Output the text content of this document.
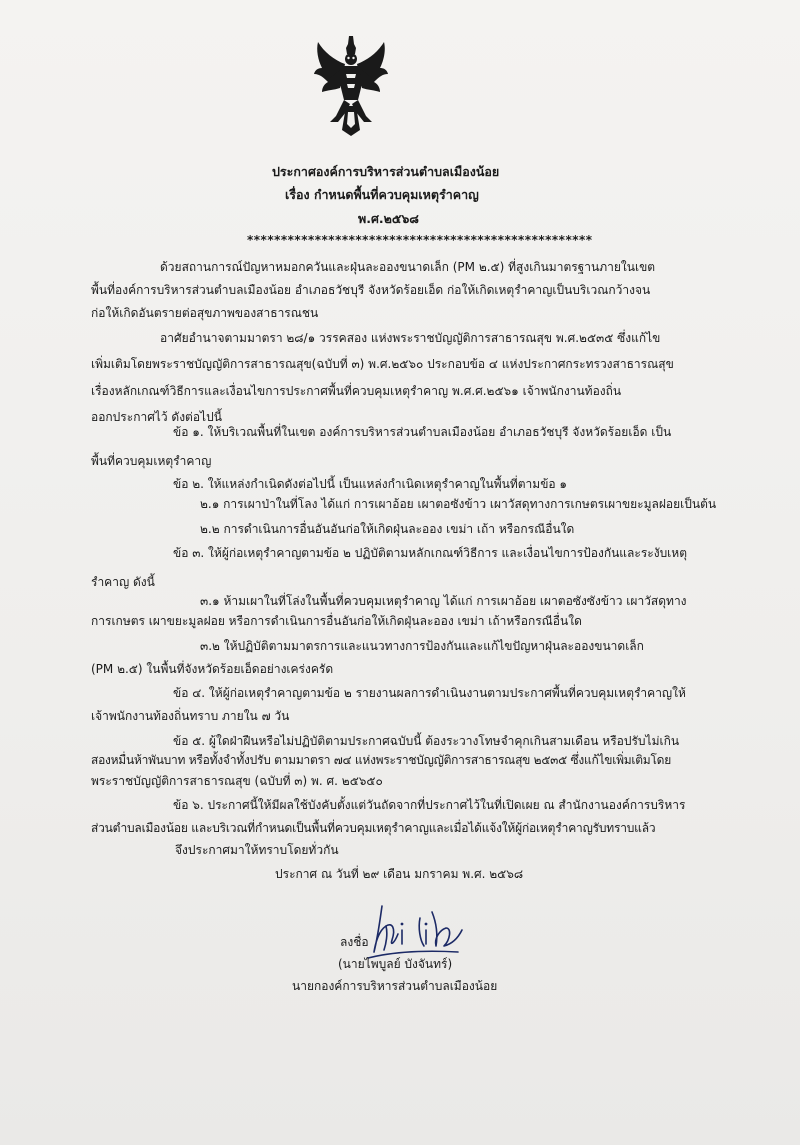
ประกาศองค์การบริหารส่วนตำบลเมืองน้อย
เรื่อง กำหนดพื้นที่ควบคุมเหตุรำคาญ
พ.ศ.๒๕๖๘
***************************************************
ด้วยสถานการณ์ปัญหาหมอกควันและฝุ่นละอองขนาดเล็ก (PM ๒.๕) ที่สูงเกินมาตรฐานภายในเขต
พื้นที่องค์การบริหารส่วนตำบลเมืองน้อย อำเภอธวัชบุรี จังหวัดร้อยเอ็ด ก่อให้เกิดเหตุรำคาญเป็นบริเวณกว้างจน
ก่อให้เกิดอันตรายต่อสุขภาพของสาธารณชน
อาศัยอำนาจตามมาตรา ๒๘/๑ วรรคสอง แห่งพระราชบัญญัติการสาธารณสุข พ.ศ.๒๕๓๕ ซึ่งแก้ไข
เพิ่มเติมโดยพระราชบัญญัติการสาธารณสุข(ฉบับที่ ๓) พ.ศ.๒๕๖๐ ประกอบข้อ ๔ แห่งประกาศกระทรวงสาธารณสุข
เรื่องหลักเกณฑ์วิธีการและเงื่อนไขการประกาศพื้นที่ควบคุมเหตุรำคาญ พ.ศ.ศ.๒๕๖๑ เจ้าพนักงานท้องถิ่น
ออกประกาศไว้ ดังต่อไปนี้
ข้อ ๑. ให้บริเวณพื้นที่ในเขต องค์การบริหารส่วนตำบลเมืองน้อย อำเภอธวัชบุรี จังหวัดร้อยเอ็ด เป็น
พื้นที่ควบคุมเหตุรำคาญ
ข้อ ๒. ให้แหล่งกำเนิดดังต่อไปนี้ เป็นแหล่งกำเนิดเหตุรำคาญในพื้นที่ตามข้อ ๑
๒.๑ การเผาป่าในที่โลง ได้แก่ การเผาอ้อย เผาตอซังข้าว เผาวัสดุทางการเกษตรเผาขยะมูลฝอยเป็นต้น
๒.๒ การดำเนินการอื่นอันอันก่อให้เกิดฝุ่นละออง เขม่า เถ้า หรือกรณีอื่นใด
ข้อ ๓. ให้ผู้ก่อเหตุรำคาญตามข้อ ๒ ปฏิบัติตามหลักเกณฑ์วิธีการ และเงื่อนไขการป้องกันและระงับเหตุ
รำคาญ ดังนี้
๓.๑ ห้ามเผาในที่โล่งในพื้นที่ควบคุมเหตุรำคาญ ได้แก่ การเผาอ้อย เผาตอซังซังข้าว เผาวัสดุทาง
การเกษตร เผาขยะมูลฝอย หรือการดำเนินการอื่นอันก่อให้เกิดฝุ่นละออง เขม่า เถ้าหรือกรณีอื่นใด
๓.๒ ให้ปฏิบัติตามมาตรการและแนวทางการป้องกันและแก้ไขปัญหาฝุ่นละอองขนาดเล็ก
(PM ๒.๕) ในพื้นที่จังหวัดร้อยเอ็ดอย่างเคร่งครัด
ข้อ ๔. ให้ผู้ก่อเหตุรำคาญตามข้อ ๒ รายงานผลการดำเนินงานตามประกาศพื้นที่ควบคุมเหตุรำคาญให้
เจ้าพนักงานท้องถิ่นทราบ ภายใน ๗ วัน
ข้อ ๕. ผู้ใดฝ่าฝืนหรือไม่ปฏิบัติตามประกาศฉบับนี้ ต้องระวางโทษจำคุกเกินสามเดือน หรือปรับไม่เกิน
สองหมื่นห้าพันบาท หรือทั้งจำทั้งปรับ ตามมาตรา ๗๔ แห่งพระราชบัญญัติการสาธารณสุข ๒๕๓๕ ซึ่งแก้ไขเพิ่มเติมโดย
พระราชบัญญัติการสาธารณสุข (ฉบับที่ ๓) พ. ศ. ๒๕๖๕๐
ข้อ ๖. ประกาศนี้ให้มีผลใช้บังคับตั้งแต่วันถัดจากที่ประกาศไว้ในที่เปิดเผย ณ สำนักงานองค์การบริหาร
ส่วนตำบลเมืองน้อย และบริเวณที่กำหนดเป็นพื้นที่ควบคุมเหตุรำคาญและเมื่อได้แจ้งให้ผู้ก่อเหตุรำคาญรับทราบแล้ว
จึงประกาศมาให้ทราบโดยทั่วกัน
ประกาศ ณ วันที่ ๒๙ เดือน มกราคม พ.ศ. ๒๕๖๘
ลงชื่อ
(นายไพบูลย์ บังจันทร์)
นายกองค์การบริหารส่วนตำบลเมืองน้อย
